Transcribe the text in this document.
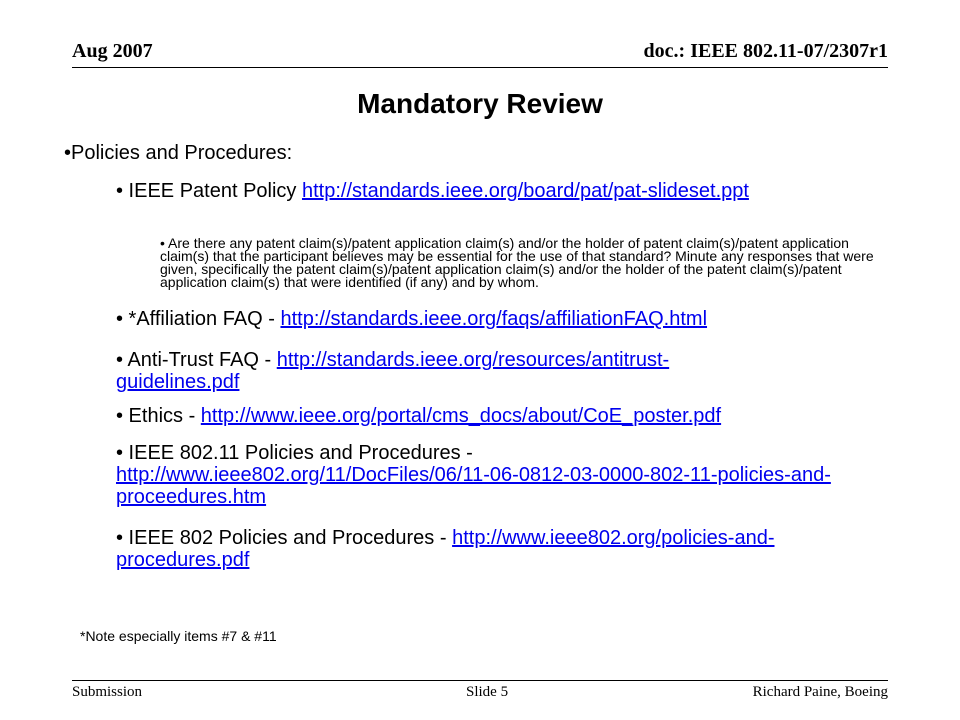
Aug 2007	doc.: IEEE 802.11-07/2307r1
Mandatory Review
•Policies and Procedures:
• IEEE Patent Policy http://standards.ieee.org/board/pat/pat-slideset.ppt
• Are there any patent claim(s)/patent application claim(s) and/or the holder of patent claim(s)/patent application claim(s) that the participant believes may be essential for the use of that standard? Minute any responses that were given, specifically the patent claim(s)/patent application claim(s) and/or the holder of the patent claim(s)/patent application claim(s) that were identified (if any) and by whom.
• *Affiliation FAQ - http://standards.ieee.org/faqs/affiliationFAQ.html
• Anti-Trust FAQ - http://standards.ieee.org/resources/antitrust-guidelines.pdf
• Ethics - http://www.ieee.org/portal/cms_docs/about/CoE_poster.pdf
• IEEE 802.11 Policies and Procedures - http://www.ieee802.org/11/DocFiles/06/11-06-0812-03-0000-802-11-policies-and-proceedures.htm
• IEEE 802 Policies and Procedures - http://www.ieee802.org/policies-and-procedures.pdf
*Note especially items #7 & #11
Submission	Slide 5	Richard Paine, Boeing
